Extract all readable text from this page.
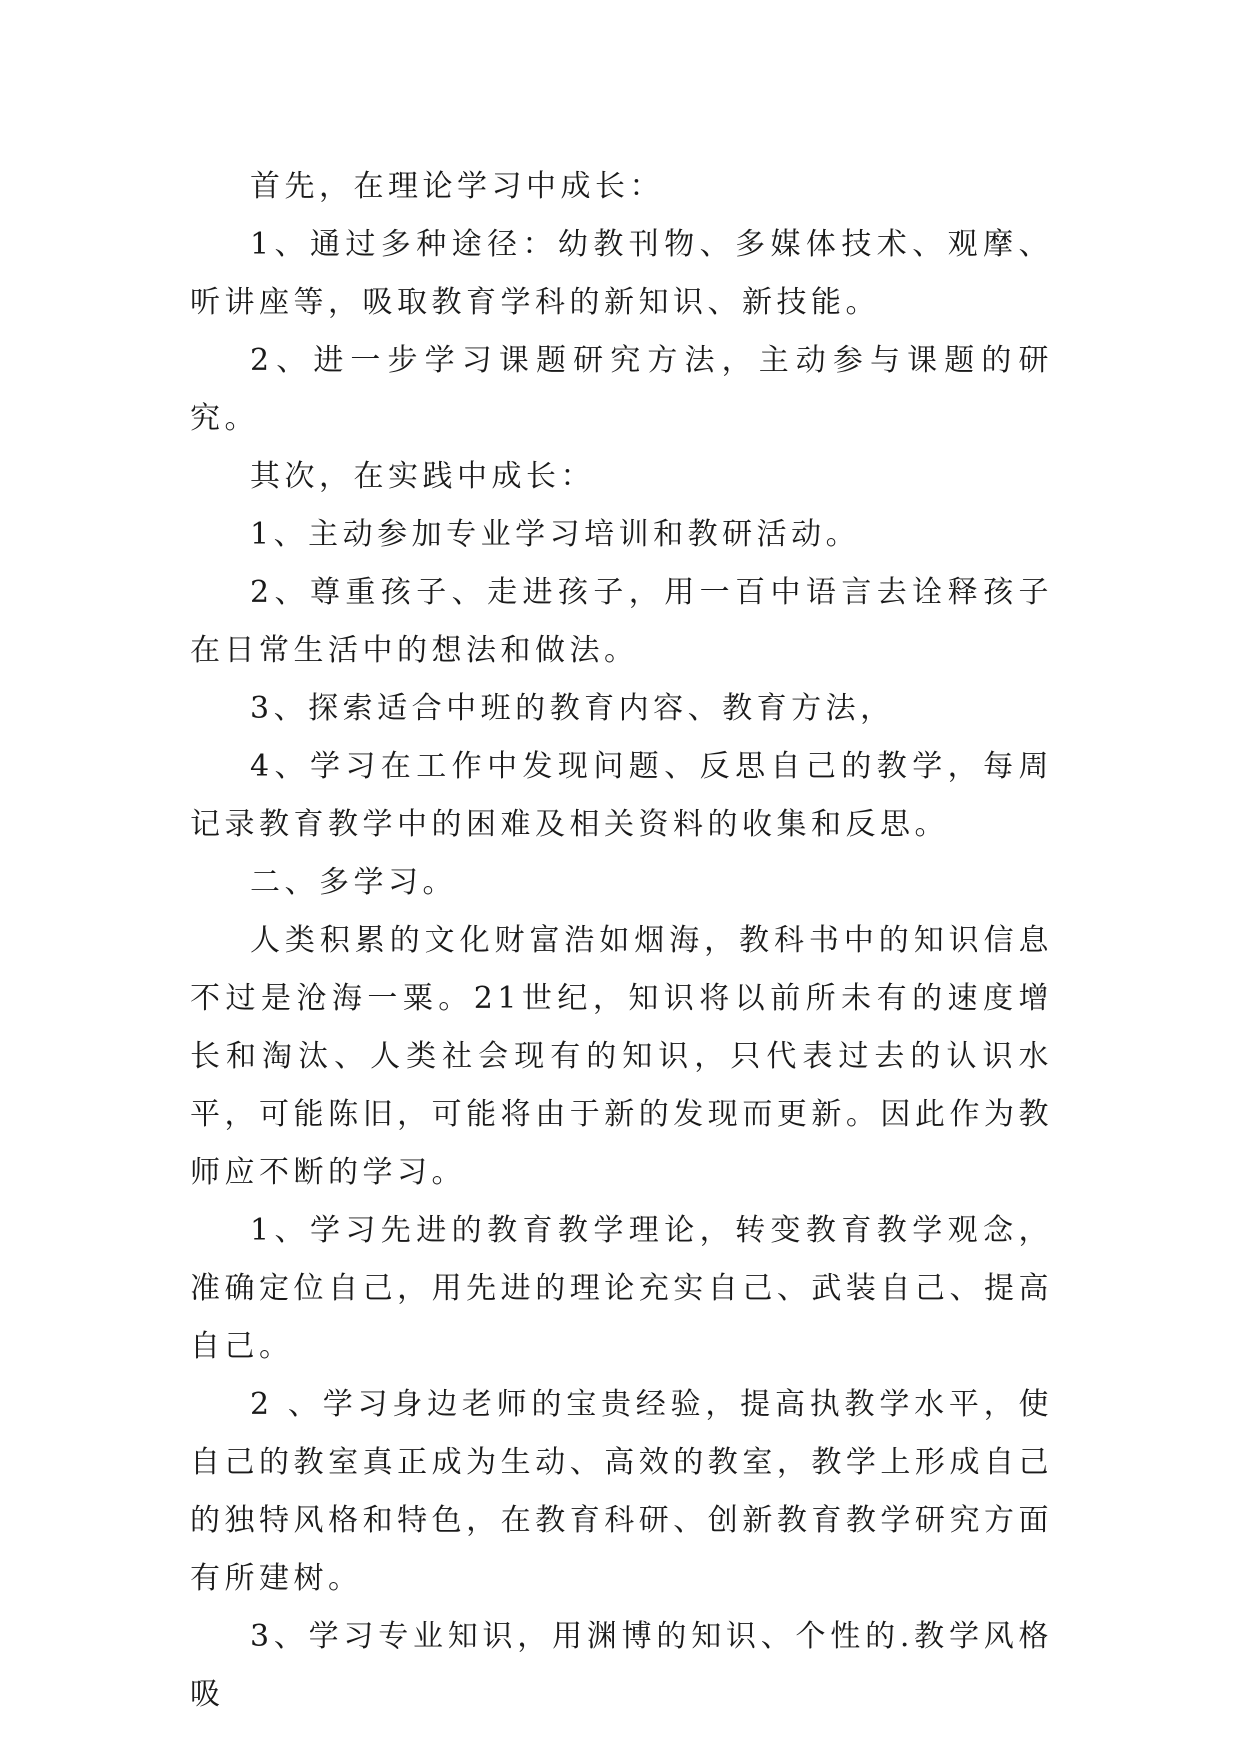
首先，在理论学习中成长：

1、通过多种途径：幼教刊物、多媒体技术、观摩、听讲座等，吸取教育学科的新知识、新技能。

2、进一步学习课题研究方法，主动参与课题的研究。

其次，在实践中成长：

1、主动参加专业学习培训和教研活动。

2、尊重孩子、走进孩子，用一百中语言去诠释孩子在日常生活中的想法和做法。

3、探索适合中班的教育内容、教育方法，

4、学习在工作中发现问题、反思自己的教学，每周记录教育教学中的困难及相关资料的收集和反思。

二、多学习。

人类积累的文化财富浩如烟海，教科书中的知识信息不过是沧海一粟。21世纪，知识将以前所未有的速度增长和淘汰、人类社会现有的知识，只代表过去的认识水平，可能陈旧，可能将由于新的发现而更新。因此作为教师应不断的学习。

1、学习先进的教育教学理论，转变教育教学观念，准确定位自己，用先进的理论充实自己、武装自己、提高自己。

2 、学习身边老师的宝贵经验，提高执教学水平，使自己的教室真正成为生动、高效的教室，教学上形成自己的独特风格和特色，在教育科研、创新教育教学研究方面有所建树。

3、学习专业知识，用渊博的知识、个性的.教学风格吸
